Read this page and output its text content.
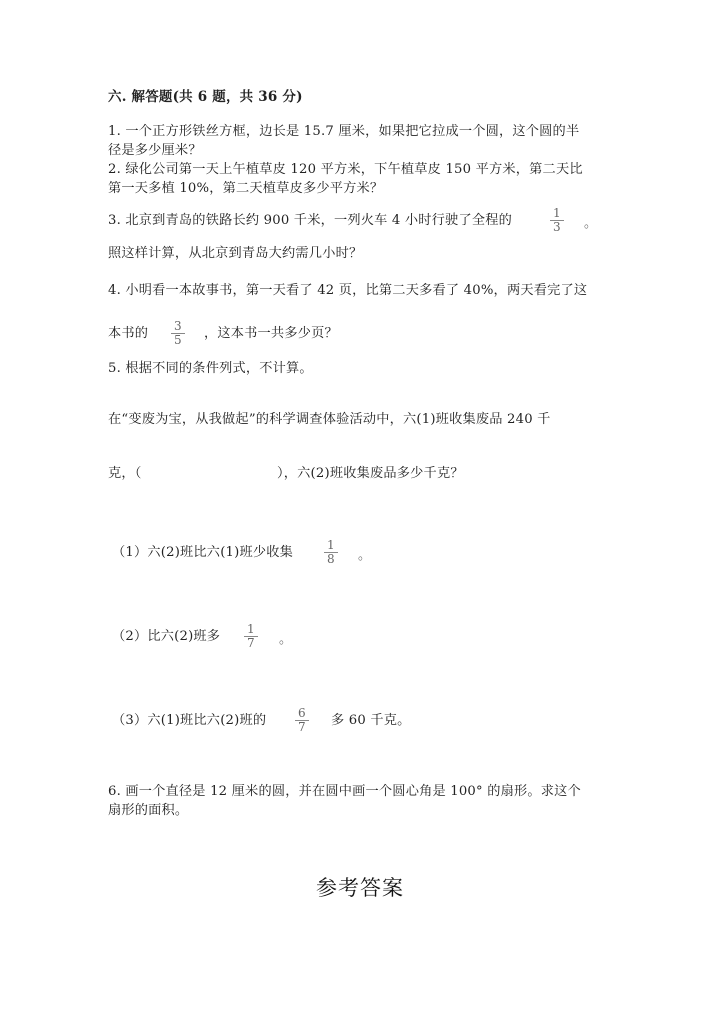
六. 解答题(共 6 题，共 36 分)
1. 一个正方形铁丝方框，边长是 15.7 厘米，如果把它拉成一个圆，这个圆的半
径是多少厘米？
2. 绿化公司第一天上午植草皮 120 平方米，下午植草皮 150 平方米，第二天比
第一天多植 10%，第二天植草皮多少平方米？
3. 北京到青岛的铁路长约 900 千米，一列火车 4 小时行驶了全程的	$\frac{1}{3}$ 。
照这样计算，从北京到青岛大约需几小时？
4. 小明看一本故事书，第一天看了 42 页，比第二天多看了 40%，两天看完了这
本书的 $\frac{3}{5}$ ，这本书一共多少页？
5. 根据不同的条件列式，不计算。
在“变废为宝，从我做起”的科学调查体验活动中，六(1)班收集废品 240 千
克，（	），六(2)班收集废品多少千克？
（1）六(2)班比六(1)班少收集	$\frac{1}{8}$ 。
（2）比六(2)班多 $\frac{1}{7}$ 。
（3）六(1)班比六(2)班的 $\frac{6}{7}$ 多 60 千克。
6. 画一个直径是 12 厘米的圆，并在圆中画一个圆心角是 100° 的扇形。求这个
扇形的面积。
参考答案
